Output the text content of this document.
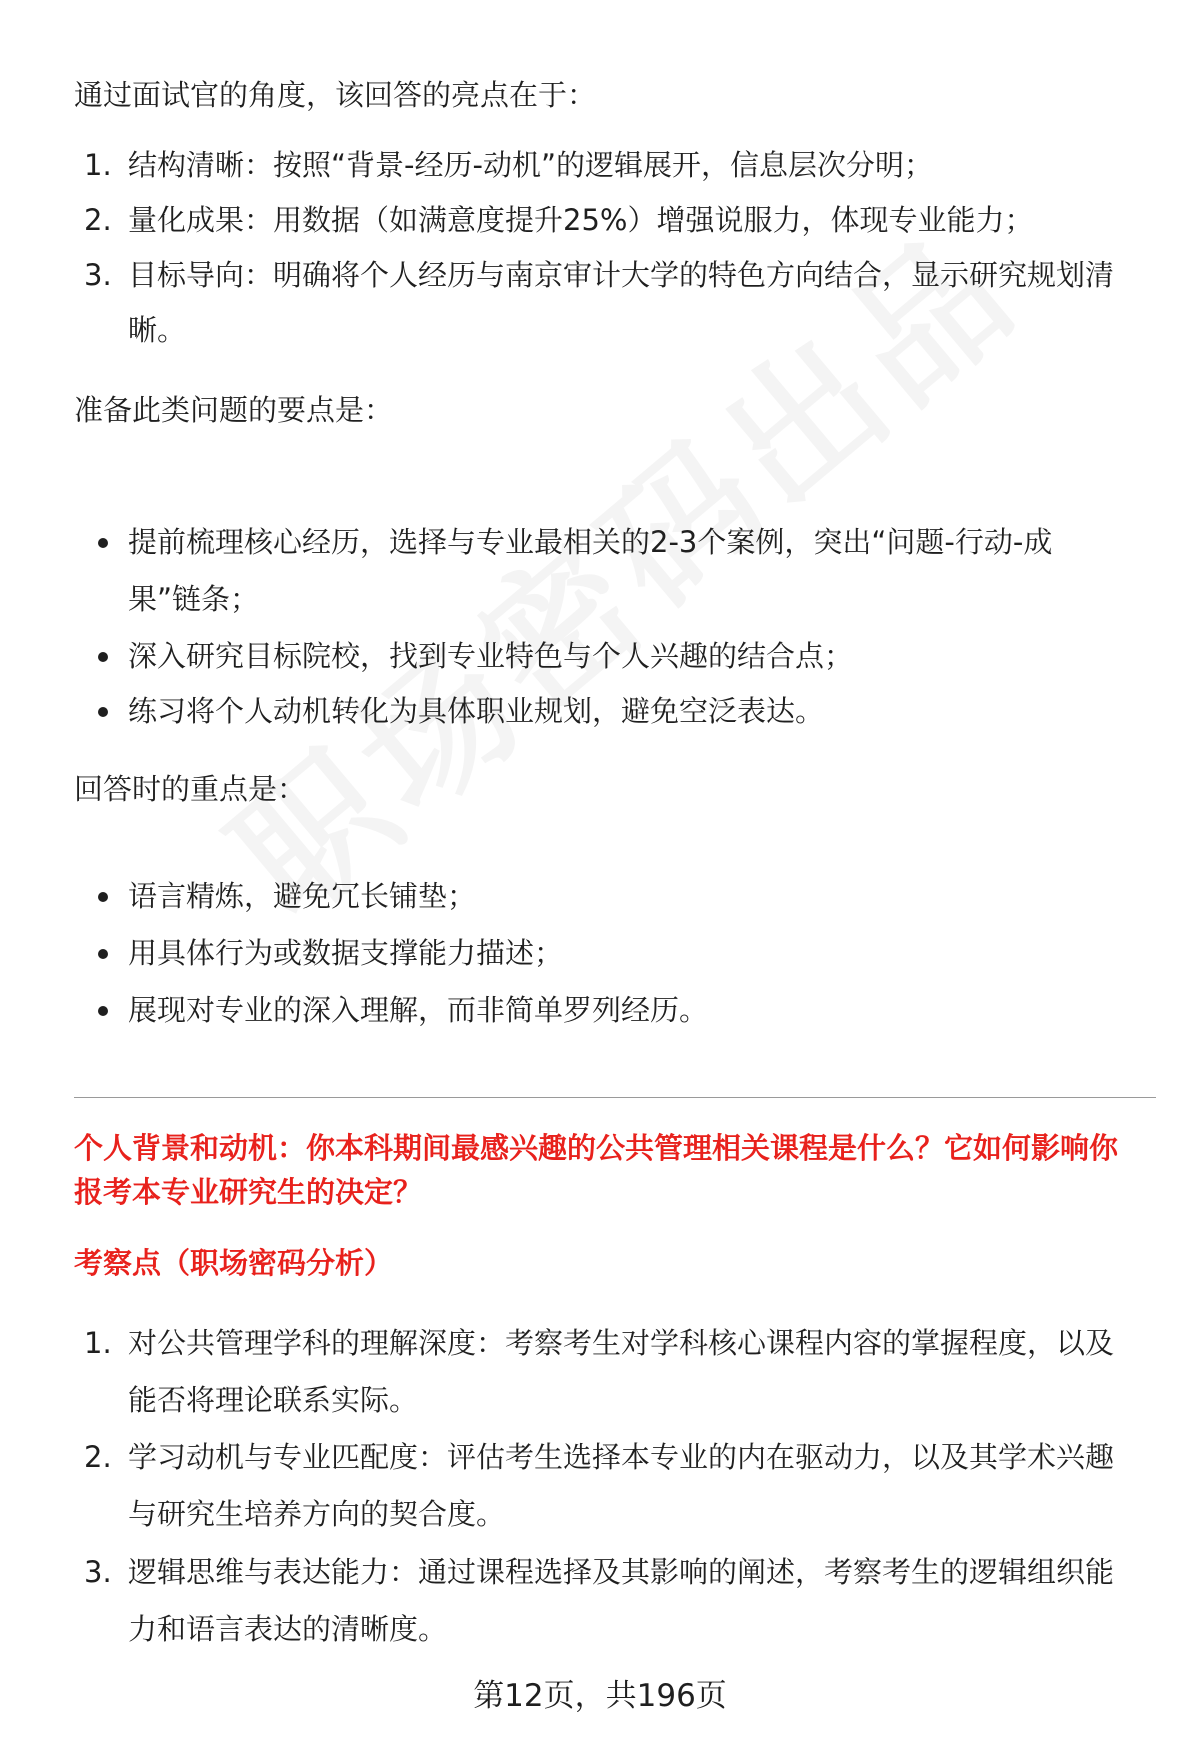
通过面试官的角度，该回答的亮点在于：
1. 结构清晰：按照“背景-经历-动机”的逻辑展开，信息层次分明；
2. 量化成果：用数据（如满意度提升25%）增强说服力，体现专业能力；
3. 目标导向：明确将个人经历与南京审计大学的特色方向结合，显示研究规划清
晰。
准备此类问题的要点是：
提前梳理核心经历，选择与专业最相关的2-3个案例，突出“问题-行动-成
果”链条；
深入研究目标院校，找到专业特色与个人兴趣的结合点；
练习将个人动机转化为具体职业规划，避免空泛表达。
回答时的重点是：
语言精炼，避免冗长铺垫；
用具体行为或数据支撑能力描述；
展现对专业的深入理解，而非简单罗列经历。
个人背景和动机：你本科期间最感兴趣的公共管理相关课程是什么？它如何影响你
报考本专业研究生的决定？
考察点（职场密码分析）
1. 对公共管理学科的理解深度：考察考生对学科核心课程内容的掌握程度，以及
能否将理论联系实际。
2. 学习动机与专业匹配度：评估考生选择本专业的内在驱动力，以及其学术兴趣
与研究生培养方向的契合度。
3. 逻辑思维与表达能力：通过课程选择及其影响的阐述，考察考生的逻辑组织能
力和语言表达的清晰度。
第12页，共196页
